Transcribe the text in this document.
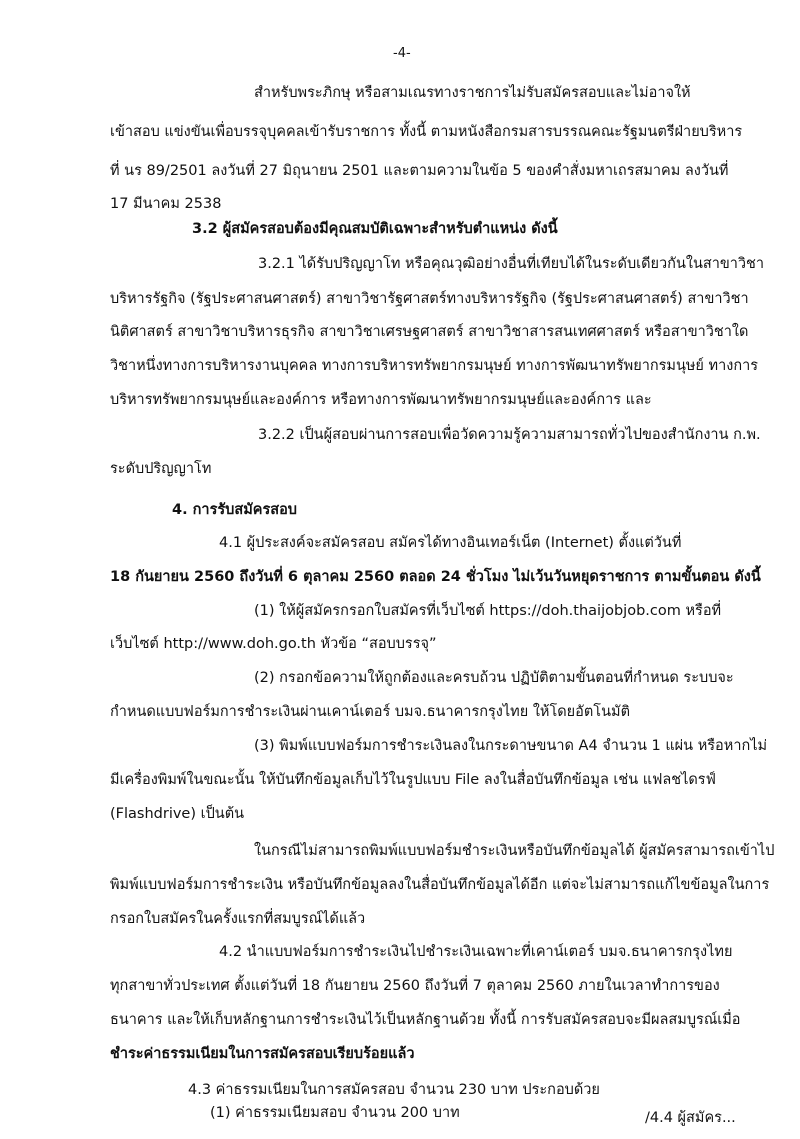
-4-
สำหรับพระภิกษุ หรือสามเณรทางราชการไม่รับสมัครสอบและไม่อาจให้
เข้าสอบ แข่งขันเพื่อบรรจุบุคคลเข้ารับราชการ ทั้งนี้ ตามหนังสือกรมสารบรรณคณะรัฐมนตรีฝ่ายบริหาร
ที่ นร 89/2501 ลงวันที่ 27 มิถุนายน 2501 และตามความในข้อ 5 ของคำสั่งมหาเถรสมาคม ลงวันที่
17 มีนาคม 2538
3.2 ผู้สมัครสอบต้องมีคุณสมบัติเฉพาะสำหรับตำแหน่ง ดังนี้
3.2.1 ได้รับปริญญาโท หรือคุณวุฒิอย่างอื่นที่เทียบได้ในระดับเดียวกันในสาขาวิชา
บริหารรัฐกิจ (รัฐประศาสนศาสตร์) สาขาวิชารัฐศาสตร์ทางบริหารรัฐกิจ (รัฐประศาสนศาสตร์) สาขาวิชา
นิติศาสตร์ สาขาวิชาบริหารธุรกิจ สาขาวิชาเศรษฐศาสตร์ สาขาวิชาสารสนเทศศาสตร์ หรือสาขาวิชาใด
วิชาหนึ่งทางการบริหารงานบุคคล ทางการบริหารทรัพยากรมนุษย์ ทางการพัฒนาทรัพยากรมนุษย์ ทางการ
บริหารทรัพยากรมนุษย์และองค์การ หรือทางการพัฒนาทรัพยากรมนุษย์และองค์การ และ
3.2.2 เป็นผู้สอบผ่านการสอบเพื่อวัดความรู้ความสามารถทั่วไปของสำนักงาน ก.พ.
ระดับปริญญาโท
4. การรับสมัครสอบ
4.1 ผู้ประสงค์จะสมัครสอบ สมัครได้ทางอินเทอร์เน็ต (Internet) ตั้งแต่วันที่
18 กันยายน 2560 ถึงวันที่ 6 ตุลาคม 2560 ตลอด 24 ชั่วโมง ไม่เว้นวันหยุดราชการ ตามขั้นตอน ดังนี้
(1) ให้ผู้สมัครกรอกใบสมัครที่เว็บไซต์ https://doh.thaijobjob.com หรือที่
เว็บไซต์ http://www.doh.go.th หัวข้อ “สอบบรรจุ”
(2) กรอกข้อความให้ถูกต้องและครบถ้วน ปฏิบัติตามขั้นตอนที่กำหนด ระบบจะ
กำหนดแบบฟอร์มการชำระเงินผ่านเคาน์เตอร์ บมจ.ธนาคารกรุงไทย ให้โดยอัตโนมัติ
(3) พิมพ์แบบฟอร์มการชำระเงินลงในกระดาษขนาด A4 จำนวน 1 แผ่น หรือหากไม่
มีเครื่องพิมพ์ในขณะนั้น ให้บันทึกข้อมูลเก็บไว้ในรูปแบบ File ลงในสื่อบันทึกข้อมูล เช่น แฟลชไดรฟ์
(Flashdrive) เป็นต้น
ในกรณีไม่สามารถพิมพ์แบบฟอร์มชำระเงินหรือบันทึกข้อมูลได้ ผู้สมัครสามารถเข้าไป
พิมพ์แบบฟอร์มการชำระเงิน หรือบันทึกข้อมูลลงในสื่อบันทึกข้อมูลได้อีก แต่จะไม่สามารถแก้ไขข้อมูลในการ
กรอกใบสมัครในครั้งแรกที่สมบูรณ์ได้แล้ว
4.2 นำแบบฟอร์มการชำระเงินไปชำระเงินเฉพาะที่เคาน์เตอร์ บมจ.ธนาคารกรุงไทย
ทุกสาขาทั่วประเทศ ตั้งแต่วันที่ 18 กันยายน 2560 ถึงวันที่ 7 ตุลาคม 2560 ภายในเวลาทำการของ
ธนาคาร และให้เก็บหลักฐานการชำระเงินไว้เป็นหลักฐานด้วย ทั้งนี้ การรับสมัครสอบจะมีผลสมบูรณ์เมื่อ
ชำระค่าธรรมเนียมในการสมัครสอบเรียบร้อยแล้ว
4.3 ค่าธรรมเนียมในการสมัครสอบ จำนวน 230 บาท ประกอบด้วย
(1) ค่าธรรมเนียมสอบ จำนวน 200 บาท	/4.4 ผู้สมัคร...
